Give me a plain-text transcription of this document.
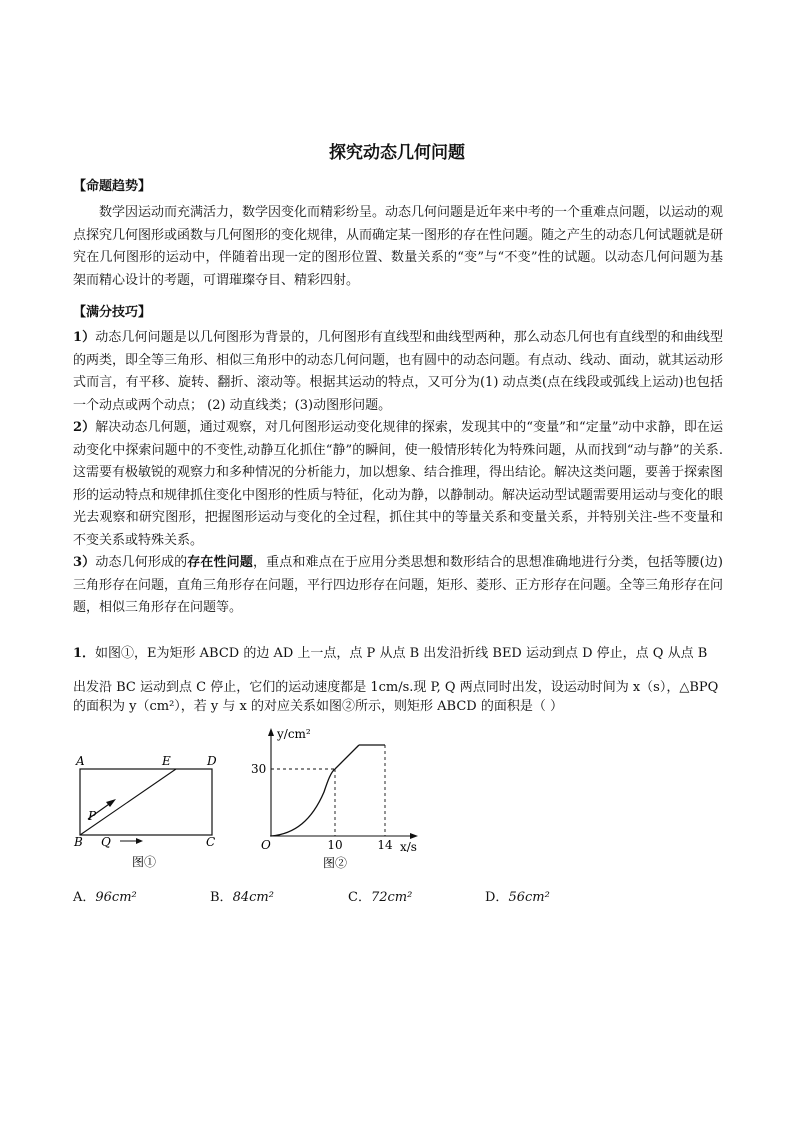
探究动态几何问题
【命题趋势】

数学因运动而充满活力，数学因变化而精彩纷呈。动态几何问题是近年来中考的一个重难点问题，以运动的观点探究几何图形或函数与几何图形的变化规律，从而确定某一图形的存在性问题。随之产生的动态几何试题就是研究在几何图形的运动中，伴随着出现一定的图形位置、数量关系的“变”与“不变”性的试题。以动态几何问题为基架而精心设计的考题，可谓璀璨夺目、精彩四射。

【满分技巧】

1）动态几何问题是以几何图形为背景的，几何图形有直线型和曲线型两种，那么动态几何也有直线型的和曲线型的两类，即全等三角形、相似三角形中的动态几何问题，也有圆中的动态问题。有点动、线动、面动，就其运动形式而言，有平移、旋转、翻折、滚动等。根据其运动的特点，又可分为(1) 动点类(点在线段或弧线上运动)也包括一个动点或两个动点； (2) 动直线类；(3)动图形问题。

2）解决动态几何题，通过观察，对几何图形运动变化规律的探索，发现其中的“变量”和“定量”动中求静，即在运动变化中探索问题中的不变性,动静互化抓住“静”的瞬间，使一般情形转化为特殊问题，从而找到“动与静”的关系.这需要有极敏锐的观察力和多种情况的分析能力，加以想象、结合推理，得出结论。解决这类问题，要善于探索图形的运动特点和规律抓住变化中图形的性质与特征，化动为静，以静制动。解决运动型试题需要用运动与变化的眼光去观察和研究图形，把握图形运动与变化的全过程，抓住其中的等量关系和变量关系，并特别关注-些不变量和不变关系或特殊关系。

3）动态几何形成的存在性问题，重点和难点在于应用分类思想和数形结合的思想准确地进行分类，包括等腰(边)三角形存在问题，直角三角形存在问题，平行四边形存在问题，矩形、菱形、正方形存在问题。全等三角形存在问题，相似三角形存在问题等。

1．如图①，E为矩形 ABCD 的边 AD 上一点，点 P 从点 B 出发沿折线 BED 运动到点 D 停止，点 Q 从点 B

出发沿 BC 运动到点 C 停止，它们的运动速度都是 1cm/s.现 P, Q 两点同时出发，设运动时间为 x（s），△BPQ

的面积为 y（cm²），若 y 与 x 的对应关系如图②所示，则矩形 ABCD 的面积是（ ）

A	E	D
P
B Q	C
图①
y/cm²
30
O	10	14 x/s
图②
A．96cm²	B．84cm²	C．72cm²	D．56cm²
